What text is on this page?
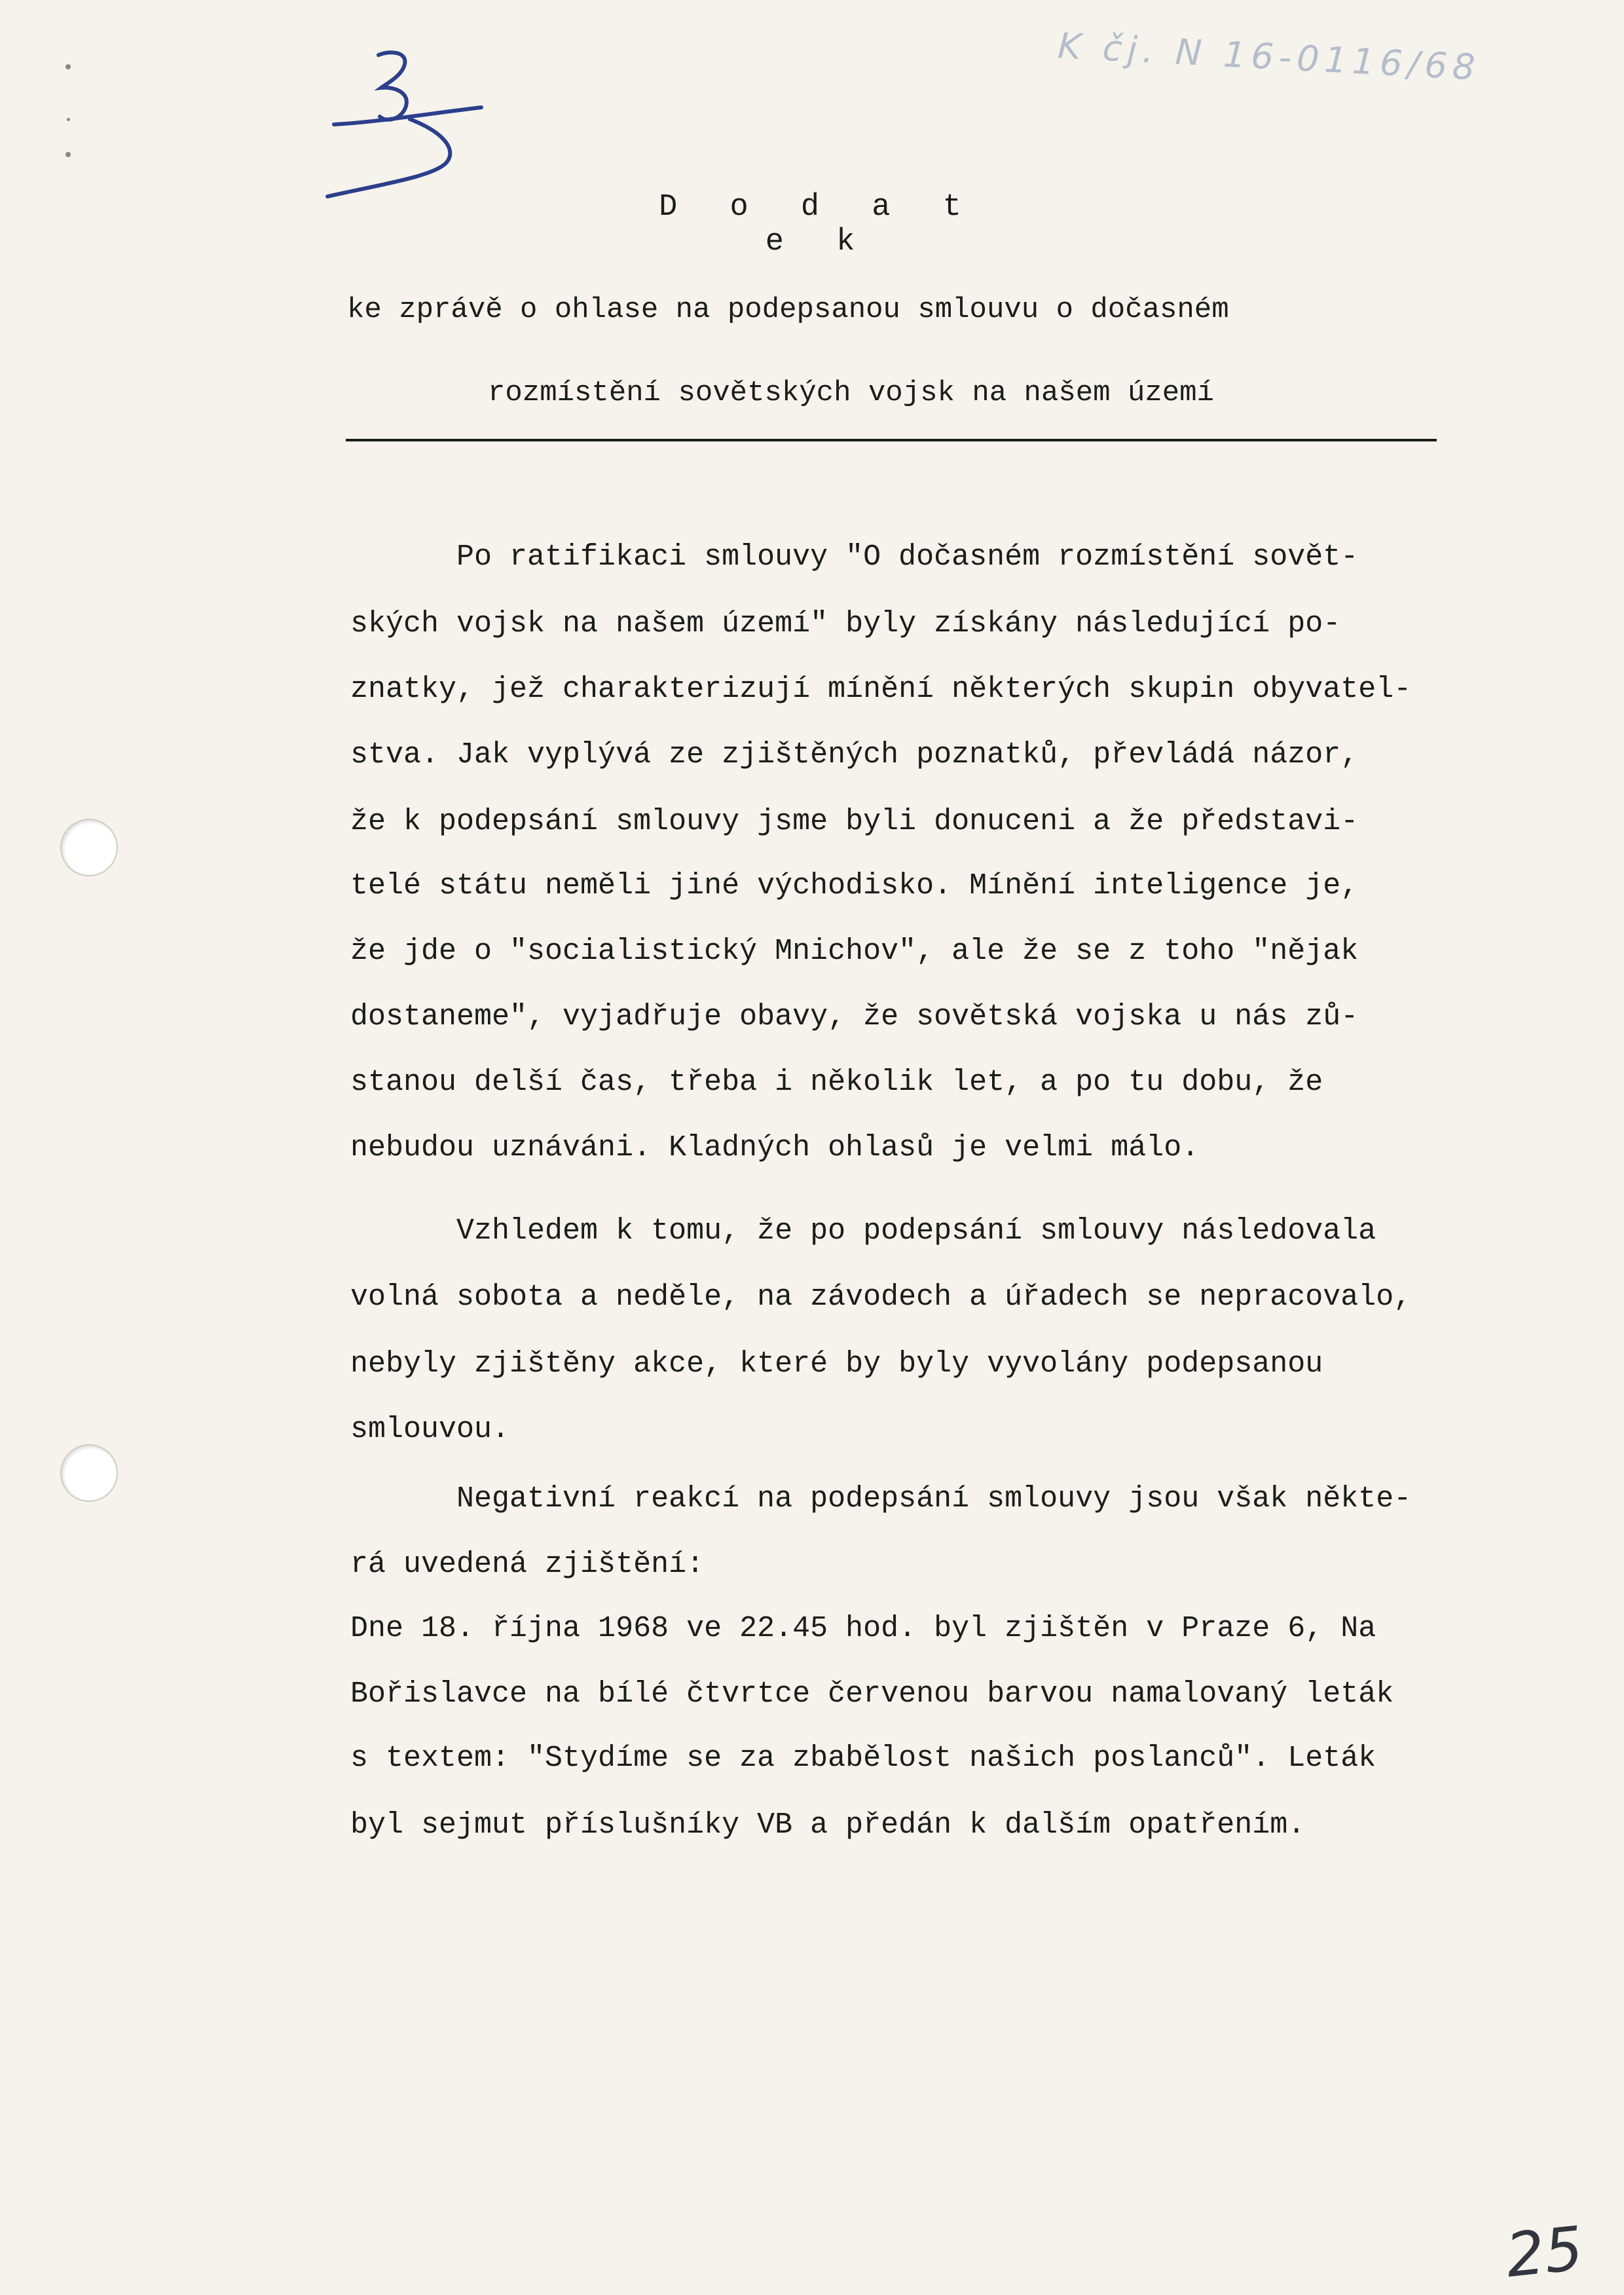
K čj. N 16-0116/68
D o d a t e k
ke zprávě o ohlase na podepsanou smlouvu o dočasném
rozmístění sovětských vojsk na našem území
Po ratifikaci smlouvy "O dočasném rozmístění sovět-
ských vojsk na našem území" byly získány následující po-
znatky, jež charakterizují mínění některých skupin obyvatel-
stva. Jak vyplývá ze zjištěných poznatků, převládá názor,
že k podepsání smlouvy jsme byli donuceni a že představi-
telé státu neměli jiné východisko. Mínění inteligence je,
že jde o "socialistický Mnichov", ale že se z toho "nějak
dostaneme", vyjadřuje obavy, že sovětská vojska u nás zů-
stanou delší čas, třeba i několik let, a po tu dobu, že
nebudou uznáváni. Kladných ohlasů je velmi málo.
Vzhledem k tomu, že po podepsání smlouvy následovala
volná sobota a neděle, na závodech a úřadech se nepracovalo,
nebyly zjištěny akce, které by byly vyvolány podepsanou
smlouvou.
Negativní reakcí na podepsání smlouvy jsou však někte-
rá uvedená zjištění:
Dne 18. října 1968 ve 22.45 hod. byl zjištěn v Praze 6, Na
Bořislavce na bílé čtvrtce červenou barvou namalovaný leták
s textem: "Stydíme se za zbabělost našich poslanců". Leták
byl sejmut příslušníky VB a předán k dalším opatřením.
25
